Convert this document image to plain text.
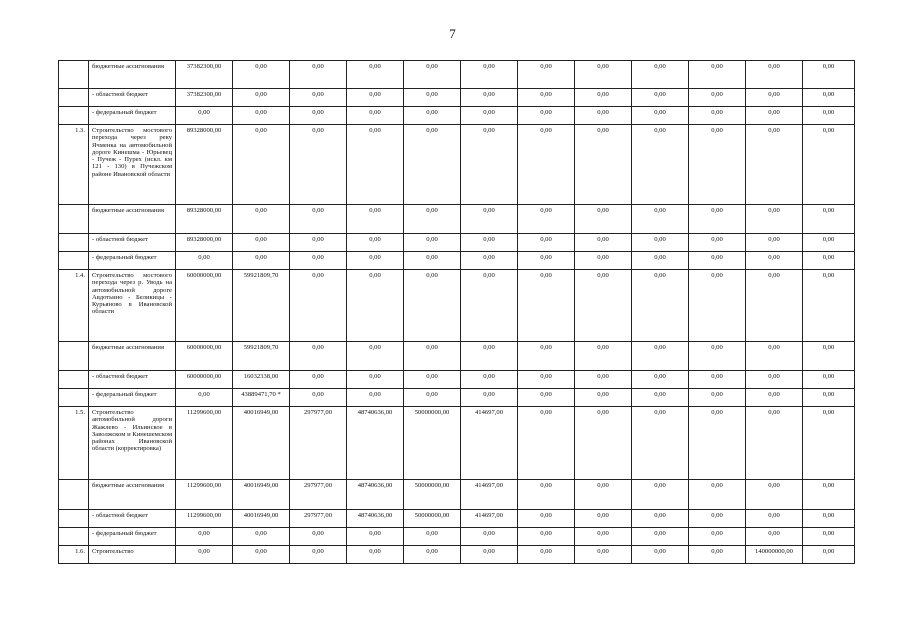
7
	бюджетные ассигнования	37382300,00	0,00	0,00	0,00	0,00	0,00	0,00	0,00	0,00	0,00	0,00	0,00
	- областной бюджет	37382300,00	0,00	0,00	0,00	0,00	0,00	0,00	0,00	0,00	0,00	0,00	0,00
	- федеральный бюджет	0,00	0,00	0,00	0,00	0,00	0,00	0,00	0,00	0,00	0,00	0,00	0,00
1.3.	Строительство мостового перехода через реку Ячменка на автомобильной дороге Кинешма - Юрьевец - Пучеж - Пурех (искл. км 121 - 130) в Пучежском районе Ивановской области	89328000,00	0,00	0,00	0,00	0,00	0,00	0,00	0,00	0,00	0,00	0,00	0,00
	бюджетные ассигнования	89328000,00	0,00	0,00	0,00	0,00	0,00	0,00	0,00	0,00	0,00	0,00	0,00
	- областной бюджет	89328000,00	0,00	0,00	0,00	0,00	0,00	0,00	0,00	0,00	0,00	0,00	0,00
	- федеральный бюджет	0,00	0,00	0,00	0,00	0,00	0,00	0,00	0,00	0,00	0,00	0,00	0,00
1.4.	Строительство мостового перехода через р. Уводь на автомобильной дороге Авдотьино - Беликицы - Курьяново в Ивановской области	60000000,00	59921809,70	0,00	0,00	0,00	0,00	0,00	0,00	0,00	0,00	0,00	0,00
	бюджетные ассигнования	60000000,00	59921809,70	0,00	0,00	0,00	0,00	0,00	0,00	0,00	0,00	0,00	0,00
	- областной бюджет	60000000,00	16032338,00	0,00	0,00	0,00	0,00	0,00	0,00	0,00	0,00	0,00	0,00
	- федеральный бюджет	0,00	43889471,70 *	0,00	0,00	0,00	0,00	0,00	0,00	0,00	0,00	0,00	0,00
1.5.	Строительство автомобильной дороги Жажлево - Ильинское в Заволжском и Кинешемском районах Ивановской области (корректировка)	11299600,00	40016949,00	297977,00	48740636,00	50000000,00	414697,00	0,00	0,00	0,00	0,00	0,00	0,00
	бюджетные ассигнования	11299600,00	40016949,00	297977,00	48740636,00	50000000,00	414697,00	0,00	0,00	0,00	0,00	0,00	0,00
	- областной бюджет	11299600,00	40016949,00	297977,00	48740636,00	50000000,00	414697,00	0,00	0,00	0,00	0,00	0,00	0,00
	- федеральный бюджет	0,00	0,00	0,00	0,00	0,00	0,00	0,00	0,00	0,00	0,00	0,00	0,00
1.6.	Строительство	0,00	0,00	0,00	0,00	0,00	0,00	0,00	0,00	0,00	0,00	140000000,00	0,00
